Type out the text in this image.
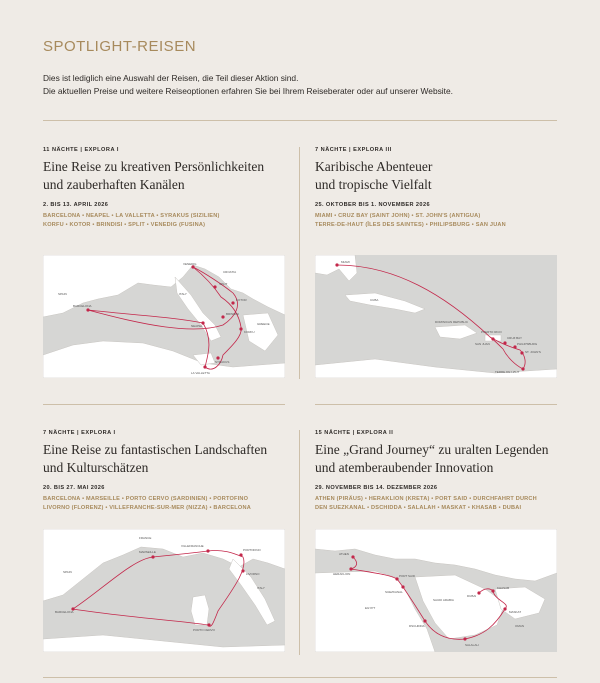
SPOTLIGHT-REISEN
Dies ist lediglich eine Auswahl der Reisen, die Teil dieser Aktion sind.
Die aktuellen Preise und weitere Reiseoptionen erfahren Sie bei Ihrem Reiseberater oder auf unserer Website.
11 NÄCHTE | EXPLORA I
Eine Reise zu kreativen Persönlichkeiten
und zauberhaften Kanälen
2. BIS 13. APRIL 2026
BARCELONA • NEAPEL • LA VALLETTA • SYRAKUS (SIZILIEN)
KORFU • KOTOR • BRINDISI • SPLIT • VENEDIG (FUSINA)
BARCELONA
VENEDIG
SPLIT
KOTOR
BRINDISI
NEAPEL
KORFU
SYRAKUS
LA VALLETTA
SPAIN	ITALY
CROATIA
GREECE
7 NÄCHTE | EXPLORA III
Karibische Abenteuer
und tropische Vielfalt
25. OKTOBER BIS 1. NOVEMBER 2026
MIAMI • CRUZ BAY (SAINT JOHN) • ST. JOHN'S (ANTIGUA)
TERRE-DE-HAUT (ÎLES DES SAINTES) • PHILIPSBURG • SAN JUAN
MIAMI
SAN JUAN
CRUZ BAY
PHILIPSBURG
ST. JOHN'S
TERRE-DE-HAUT
CUBA
DOMINICAN REPUBLIC
PUERTO RICO
7 NÄCHTE | EXPLORA I
Eine Reise zu fantastischen Landschaften
und Kulturschätzen
20. BIS 27. MAI 2026
BARCELONA • MARSEILLE • PORTO CERVO (SARDINIEN) • PORTOFINO
LIVORNO (FLORENZ) • VILLEFRANCHE-SUR-MER (NIZZA) • BARCELONA
BARCELONA
MARSEILLE
VILLEFRANCHE
PORTOFINO
LIVORNO
PORTO CERVO
FRANCE
SPAIN
ITALY
15 NÄCHTE | EXPLORA II
Eine „Grand Journey“ zu uralten Legenden
und atemberaubender Innovation
29. NOVEMBER BIS 14. DEZEMBER 2026
ATHEN (PIRÄUS) • HERAKLION (KRETA) • PORT SAID • DURCHFAHRT DURCH
DEN SUEZKANAL • DSCHIDDA • SALALAH • MASKAT • KHASAB • DUBAI
ATHEN
HERAKLION	PORT SAID
SUEZKANAL
DSCHIDDA
SALALAH
MASKAT
KHASAB
DUBAI
EGYPT
SAUDI ARABIA
OMAN
